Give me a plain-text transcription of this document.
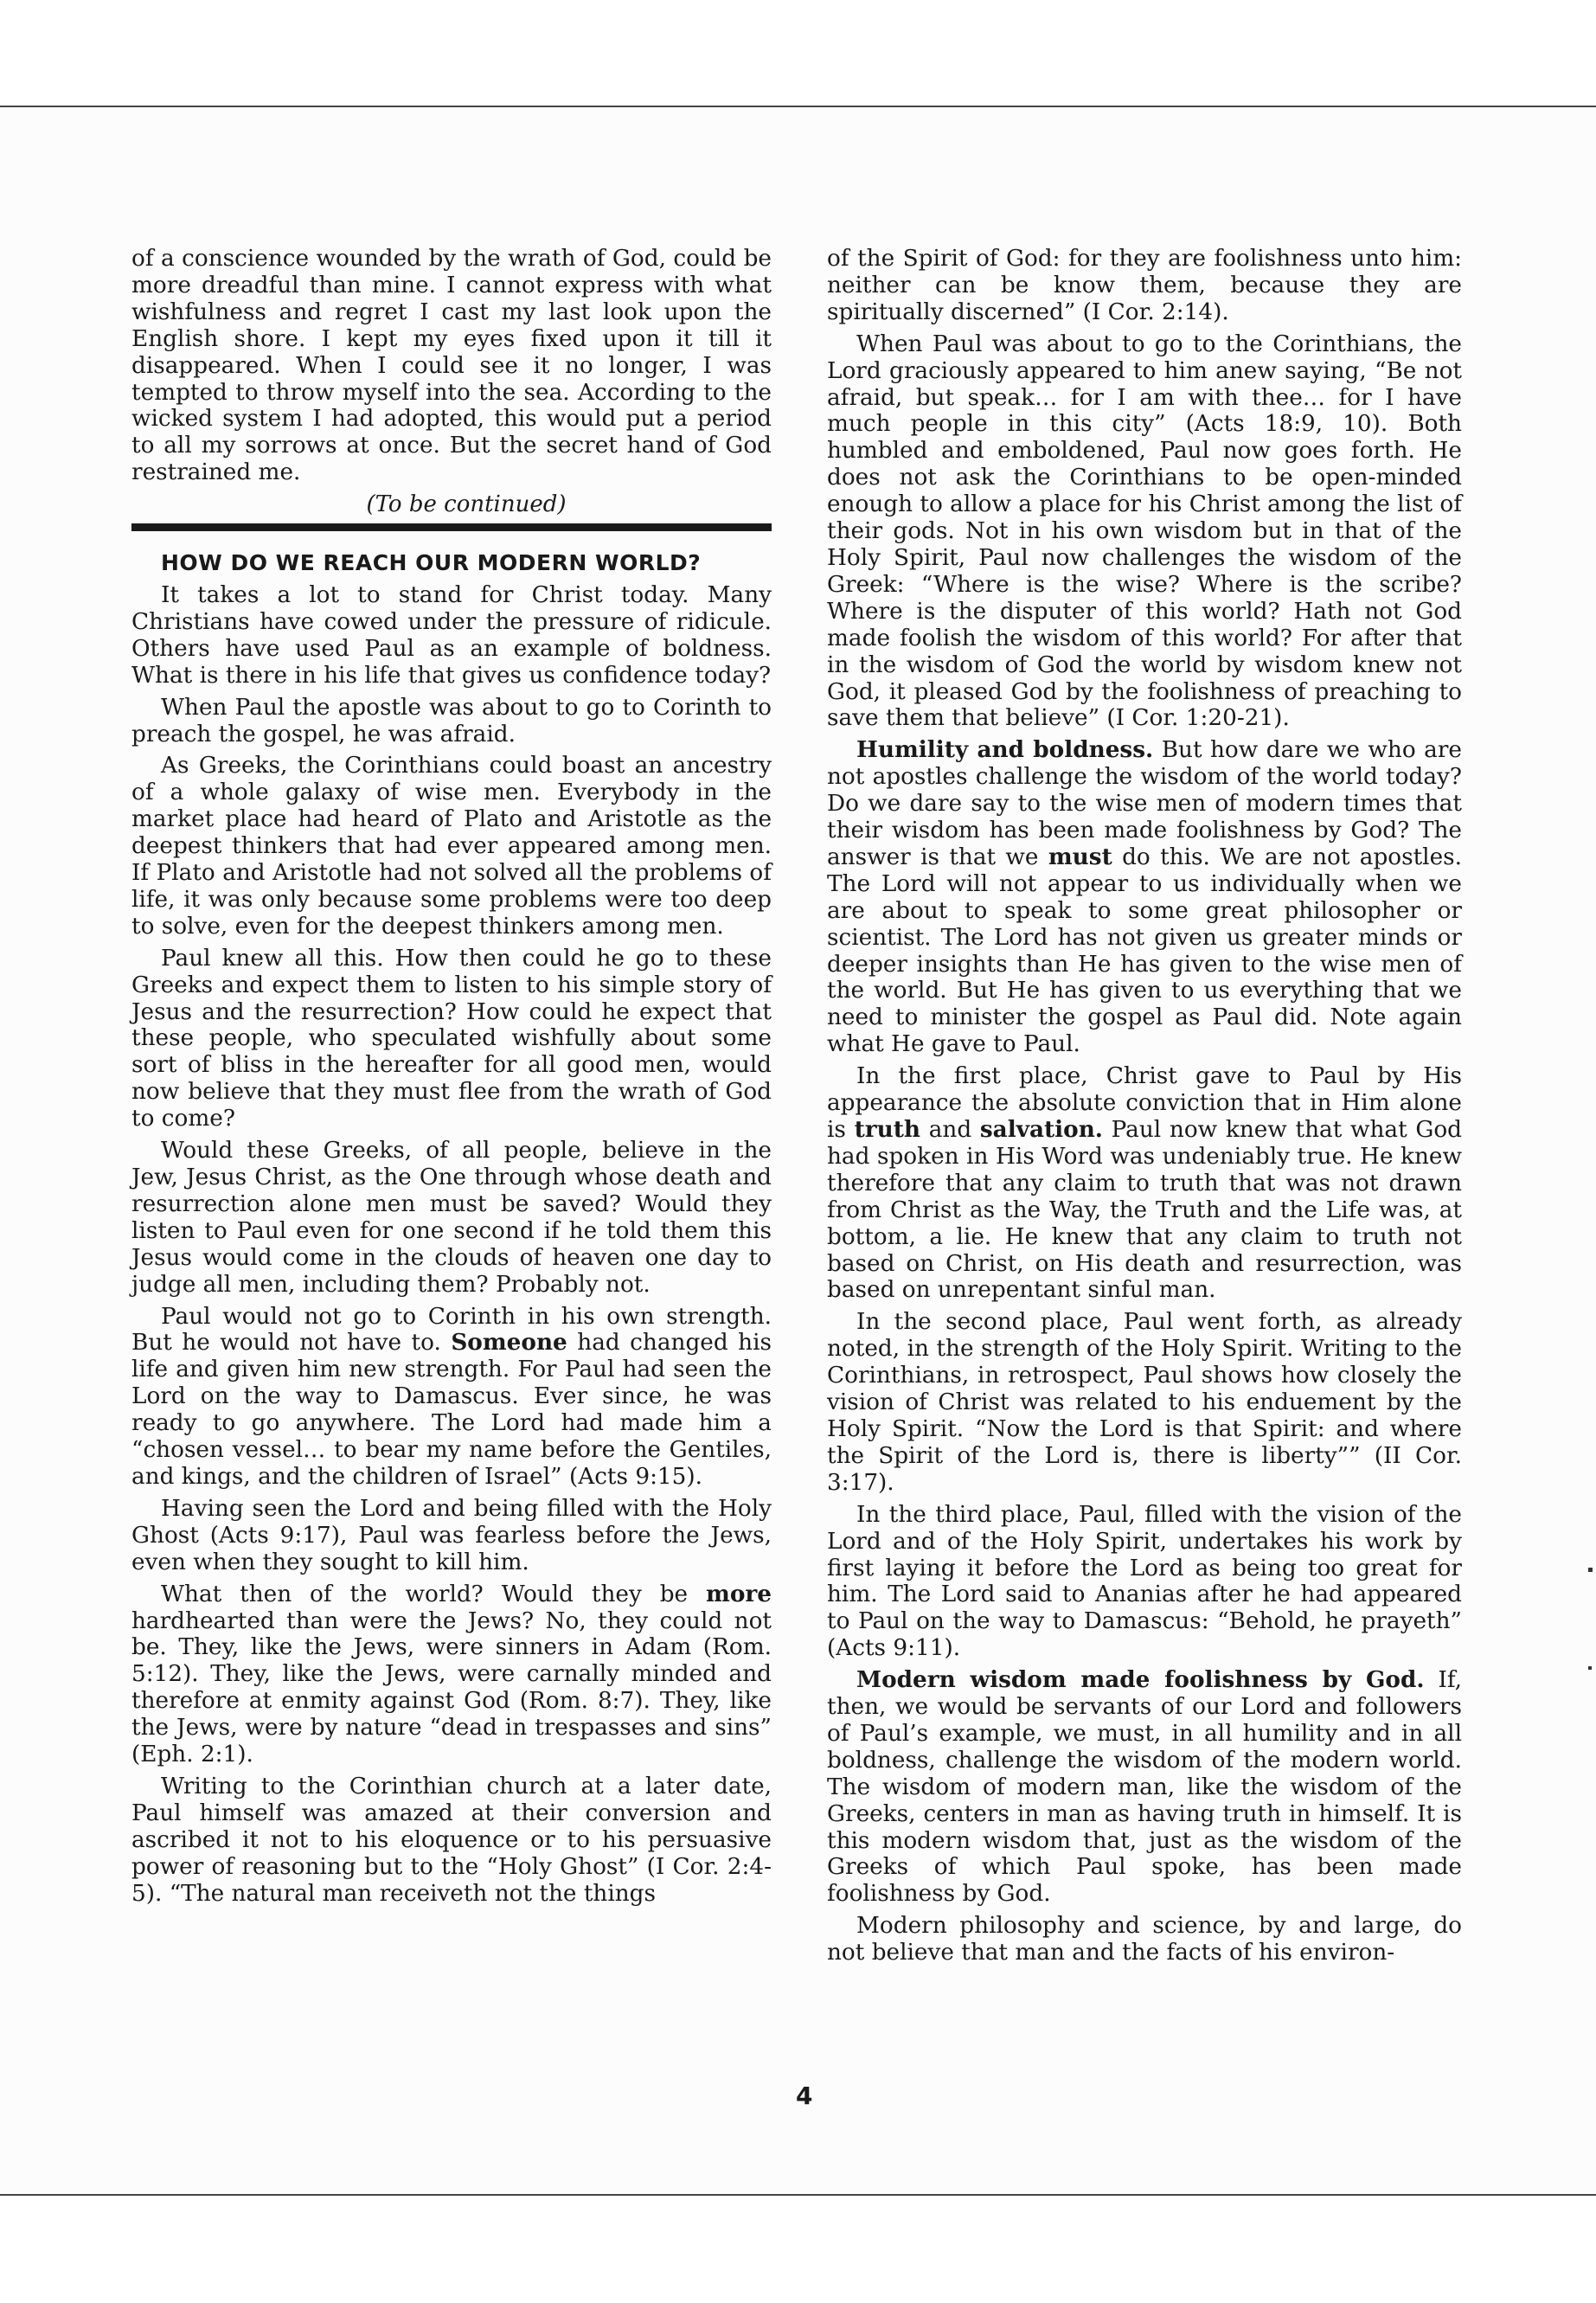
of a conscience wounded by the wrath of God, could be more dreadful than mine. I cannot express with what wishfulness and regret I cast my last look upon the English shore. I kept my eyes fixed upon it till it disappeared. When I could see it no longer, I was tempted to throw myself into the sea. According to the wicked system I had adopted, this would put a period to all my sorrows at once. But the secret hand of God restrained me.

(To be continued)

HOW DO WE REACH OUR MODERN WORLD?

It takes a lot to stand for Christ today. Many Christians have cowed under the pressure of ridicule. Others have used Paul as an example of boldness. What is there in his life that gives us confidence today?

When Paul the apostle was about to go to Corinth to preach the gospel, he was afraid.

As Greeks, the Corinthians could boast an ancestry of a whole galaxy of wise men. Everybody in the market place had heard of Plato and Aristotle as the deepest thinkers that had ever appeared among men. If Plato and Aristotle had not solved all the problems of life, it was only because some problems were too deep to solve, even for the deepest thinkers among men.

Paul knew all this. How then could he go to these Greeks and expect them to listen to his simple story of Jesus and the resurrection? How could he expect that these people, who speculated wishfully about some sort of bliss in the hereafter for all good men, would now believe that they must flee from the wrath of God to come?

Would these Greeks, of all people, believe in the Jew, Jesus Christ, as the One through whose death and resurrection alone men must be saved? Would they listen to Paul even for one second if he told them this Jesus would come in the clouds of heaven one day to judge all men, including them? Probably not.

Paul would not go to Corinth in his own strength. But he would not have to. Someone had changed his life and given him new strength. For Paul had seen the Lord on the way to Damascus. Ever since, he was ready to go anywhere. The Lord had made him a “chosen vessel… to bear my name before the Gentiles, and kings, and the children of Israel” (Acts 9:15).

Having seen the Lord and being filled with the Holy Ghost (Acts 9:17), Paul was fearless before the Jews, even when they sought to kill him.

What then of the world? Would they be more hardhearted than were the Jews? No, they could not be. They, like the Jews, were sinners in Adam (Rom. 5:12). They, like the Jews, were carnally minded and therefore at enmity against God (Rom. 8:7). They, like the Jews, were by nature “dead in trespasses and sins” (Eph. 2:1).

Writing to the Corinthian church at a later date, Paul himself was amazed at their conversion and ascribed it not to his eloquence or to his persuasive power of reasoning but to the “Holy Ghost” (I Cor. 2:4-5). “The natural man receiveth not the things

of the Spirit of God: for they are foolishness unto him: neither can be know them, because they are spiritually discerned” (I Cor. 2:14).

When Paul was about to go to the Corinthians, the Lord graciously appeared to him anew saying, “Be not afraid, but speak… for I am with thee… for I have much people in this city” (Acts 18:9, 10). Both humbled and emboldened, Paul now goes forth. He does not ask the Corinthians to be open-minded enough to allow a place for his Christ among the list of their gods. Not in his own wisdom but in that of the Holy Spirit, Paul now challenges the wisdom of the Greek: “Where is the wise? Where is the scribe? Where is the disputer of this world? Hath not God made foolish the wisdom of this world? For after that in the wisdom of God the world by wisdom knew not God, it pleased God by the foolishness of preaching to save them that believe” (I Cor. 1:20-21).

Humility and boldness. But how dare we who are not apostles challenge the wisdom of the world today? Do we dare say to the wise men of modern times that their wisdom has been made foolishness by God? The answer is that we must do this. We are not apostles. The Lord will not appear to us individually when we are about to speak to some great philosopher or scientist. The Lord has not given us greater minds or deeper insights than He has given to the wise men of the world. But He has given to us everything that we need to minister the gospel as Paul did. Note again what He gave to Paul.

In the first place, Christ gave to Paul by His appearance the absolute conviction that in Him alone is truth and salvation. Paul now knew that what God had spoken in His Word was undeniably true. He knew therefore that any claim to truth that was not drawn from Christ as the Way, the Truth and the Life was, at bottom, a lie. He knew that any claim to truth not based on Christ, on His death and resurrection, was based on unrepentant sinful man.

In the second place, Paul went forth, as already noted, in the strength of the Holy Spirit. Writing to the Corinthians, in retrospect, Paul shows how closely the vision of Christ was related to his enduement by the Holy Spirit. “Now the Lord is that Spirit: and where the Spirit of the Lord is, there is liberty”” (II Cor. 3:17).

In the third place, Paul, filled with the vision of the Lord and of the Holy Spirit, undertakes his work by first laying it before the Lord as being too great for him. The Lord said to Ananias after he had appeared to Paul on the way to Damascus: “Behold, he prayeth” (Acts 9:11).

Modern wisdom made foolishness by God. If, then, we would be servants of our Lord and followers of Paul’s example, we must, in all humility and in all boldness, challenge the wisdom of the modern world. The wisdom of modern man, like the wisdom of the Greeks, centers in man as having truth in himself. It is this modern wisdom that, just as the wisdom of the Greeks of which Paul spoke, has been made foolishness by God.

Modern philosophy and science, by and large, do not believe that man and the facts of his environ-

4
